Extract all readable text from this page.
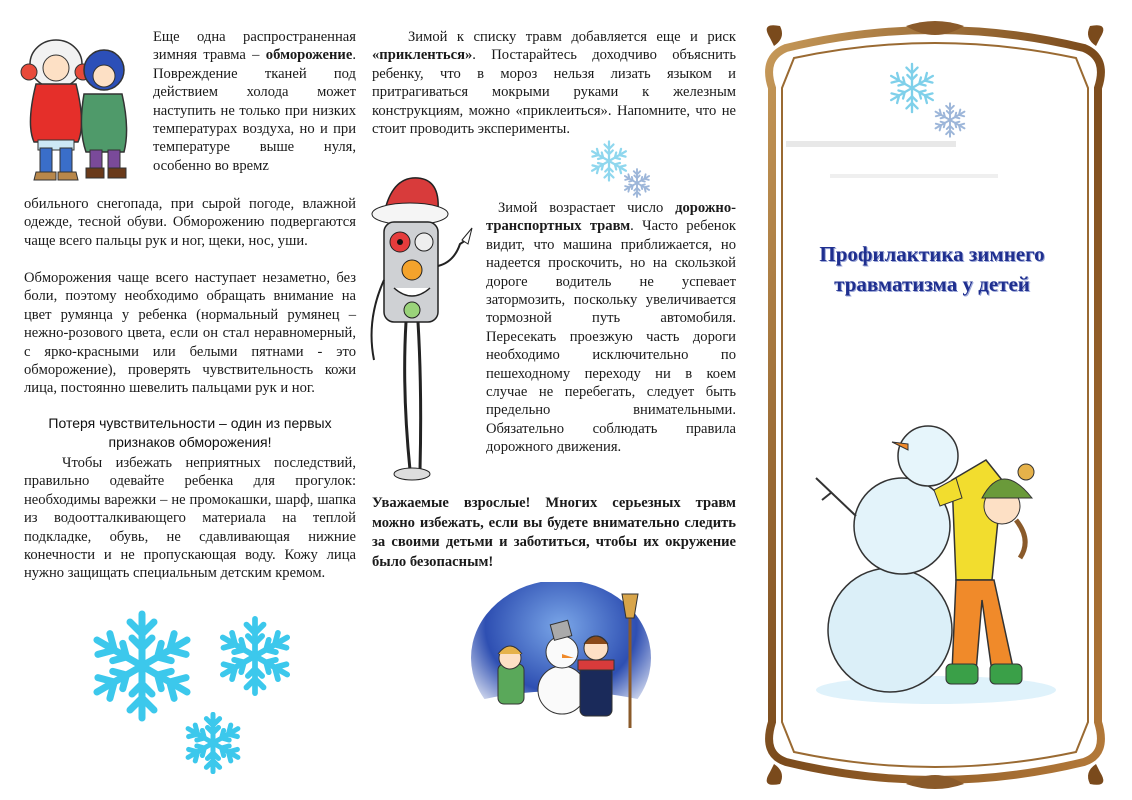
Еще одна распространенная зимняя травма – обморожение. Повреждение тканей под действием холода может наступить не только при низких температурах воздуха, но и при температуре выше нуля, особенно во времz
обильного снегопада, при сырой погоде, влажной одежде, тесной обуви. Обморожению подвергаются чаще всего пальцы рук и ног, щеки, нос, уши.
Обморожения чаще всего наступает незаметно, без боли, поэтому необходимо обращать внимание на цвет румянца у ребенка (нормальный румянец – нежно-розового цвета, если он стал неравномерный, с ярко-красными или белыми пятнами - это обморожение), проверять чувствительность кожи лица, постоянно шевелить пальцами рук и ног.
Потеря чувствительности – один из первых признаков обморожения!
Чтобы избежать неприятных последствий, правильно одевайте ребенка для прогулок: необходимы варежки – не промокашки, шарф, шапка из водоотталкивающего материала на теплой подкладке, обувь, не сдавливающая нижние конечности и не пропускающая воду. Кожу лица нужно защищать специальным детским кремом.
Зимой к списку травм добавляется еще и риск «прикленться». Постарайтесь доходчиво объяснить ребенку, что в мороз нельзя лизать языком и притрагиваться мокрыми руками к железным конструкциям, можно «приклеиться». Напомните, что не стоит проводить эксперименты.
Зимой возрастает число дорожно-транспортных травм. Часто ребенок видит, что машина приближается, но надеется проскочить, но на скользкой дороге водитель не успевает затормозить, поскольку увеличивается тормозной путь автомобиля. Пересекать проезжую часть дороги необходимо исключительно по пешеходному переходу ни в коем случае не перебегать, следует быть предельно внимательными. Обязательно соблюдать правила дорожного движения.
Уважаемые взрослые! Многих серьезных травм можно избежать, если вы будете внимательно следить за своими детьми и заботиться, чтобы их окружение было безопасным!
Профилактика зимнего травматизма у детей
